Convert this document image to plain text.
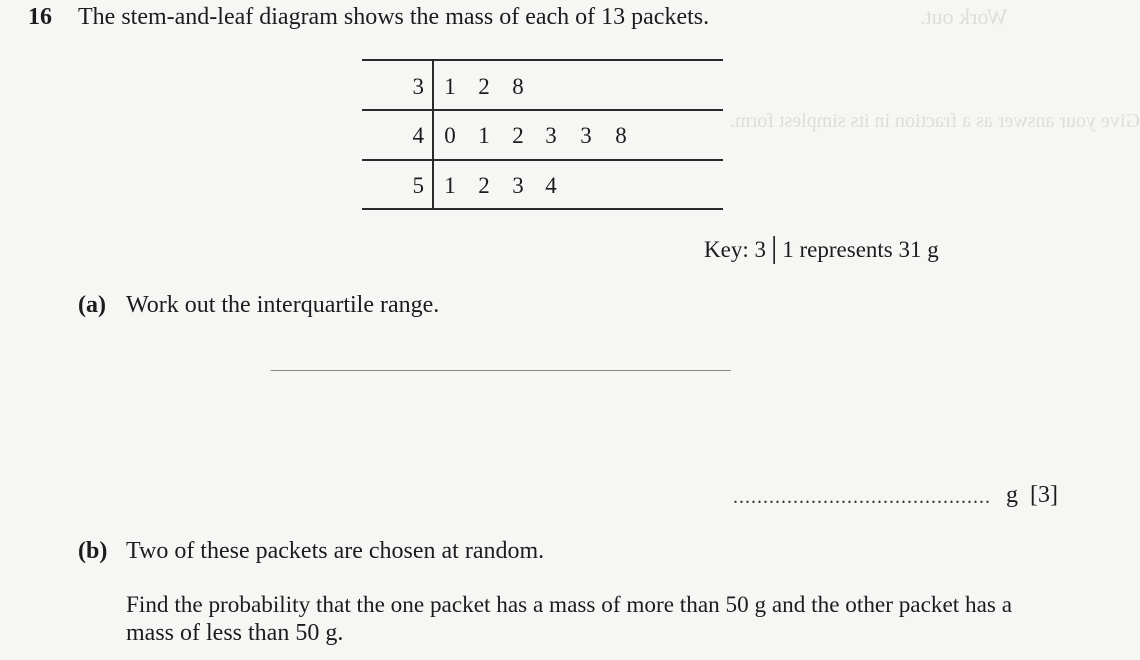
Work out.
Give your answer as a fraction in its simplest form.
16 The stem-and-leaf diagram shows the mass of each of 13 packets.
3 1 2 8
4 0 1 2 3 3 8
5 1 2 3 4
Key: 3│1 represents 31 g
(a) Work out the interquartile range.
........................................... g [3]
(b) Two of these packets are chosen at random.
Find the probability that the one packet has a mass of more than 50 g and the other packet has a
mass of less than 50 g.
